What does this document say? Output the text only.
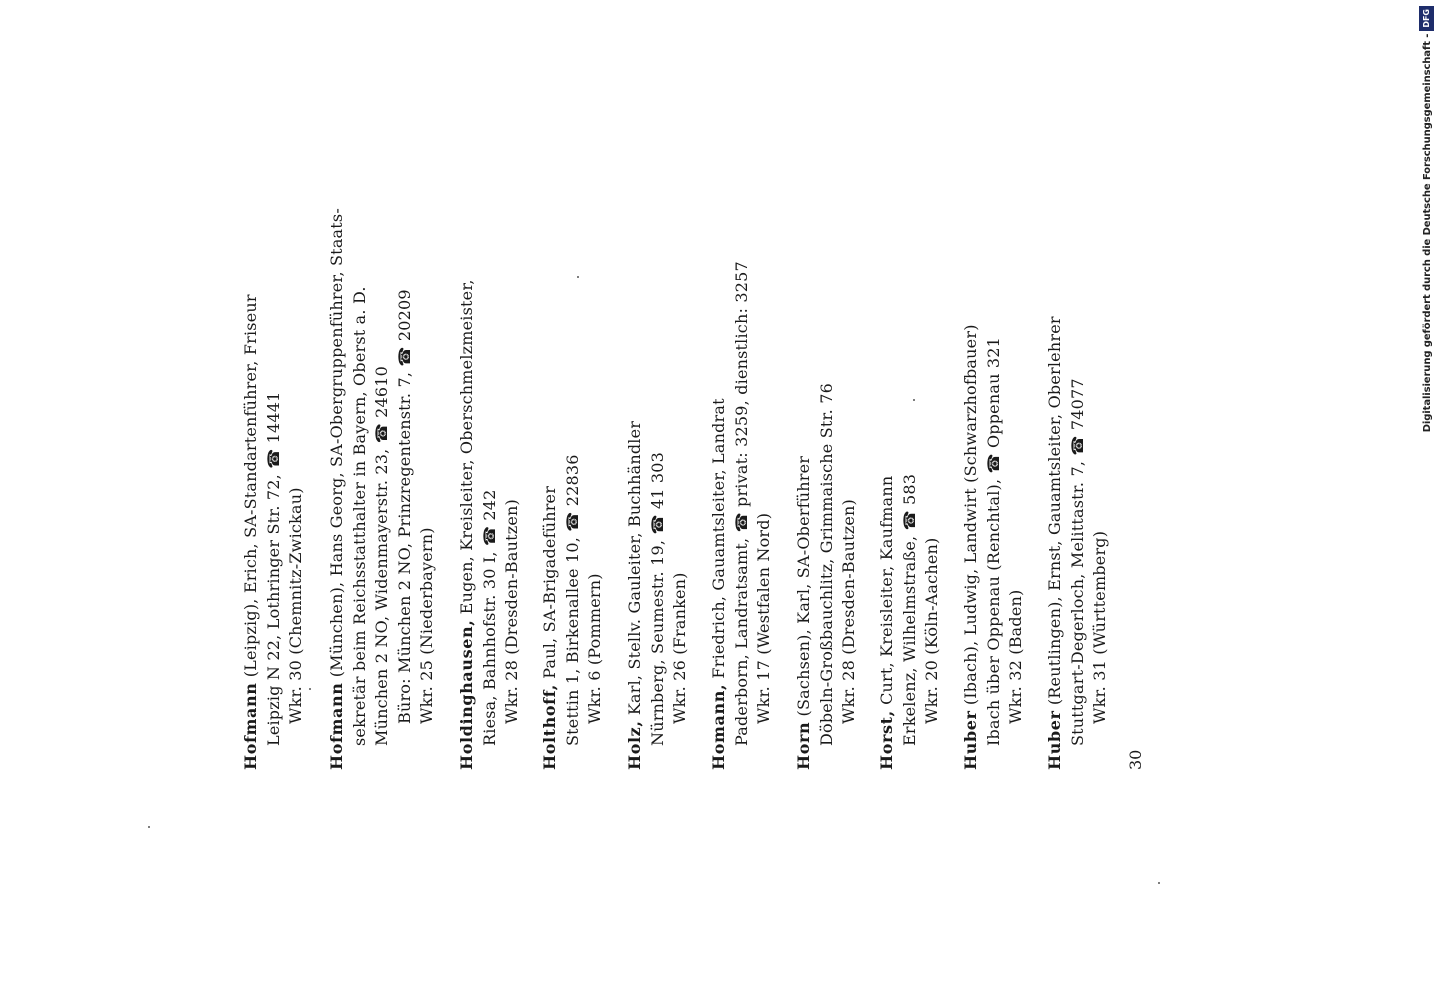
Hofmann (Leipzig), Erich, SA-Standartenführer, Friseur Leipzig N 22, Lothringer Str. 72, ☎ 14441 Wkr. 30 (Chemnitz-Zwickau)
Hofmann (München), Hans Georg, SA-Obergruppenführer, Staats- sekretär beim Reichsstatthalter in Bayern, Oberst a. D. München 2 NO, Widenmayerstr. 23, ☎ 24610 Büro: München 2 NO, Prinzregentenstr. 7, ☎ 20209 Wkr. 25 (Niederbayern) Holdinghausen, Eugen, Kreisleiter, Oberschmelzmeister,
Riesa, Bahnhofstr. 30 I, ☎ 242 Wkr. 28 (Dresden-Bautzen)
Holthoff, Paul, SA-Brigadeführer Stettin 1, Birkenallee 10, ☎ 22836 Wkr. 6 (Pommern)
Holz, Karl, Stellv. Gauleiter, Buchhändler Nürnberg, Seumestr. 19, ☎ 41 303 Wkr. 26 (Franken)
Homann, Friedrich, Gauamtsleiter, Landrat Paderborn, Landratsamt, ☎ privat: 3259, dienstlich: 3257 Wkr. 17 (Westfalen Nord)
Horn (Sachsen), Karl, SA-Oberführer Döbeln-Großbauchlitz, Grimmaische Str. 76 Wkr. 28 (Dresden-Bautzen)
Horst, Curt, Kreisleiter, Kaufmann Erkelenz, Wilhelmstraße, ☎ 583 Wkr. 20 (Köln-Aachen)
Huber (Ibach), Ludwig, Landwirt (Schwarzhofbauer) Ibach über Oppenau (Renchtal), ☎ Oppenau 321 Wkr. 32 (Baden)
Huber (Reutlingen), Ernst, Gauamtsleiter, Oberlehrer Stuttgart-Degerloch, Melittastr. 7, ☎ 74077 Wkr. 31 (Württemberg)
30
Digitalisierung gefördert durch die Deutsche Forschungsgemeinschaft -
DFG
